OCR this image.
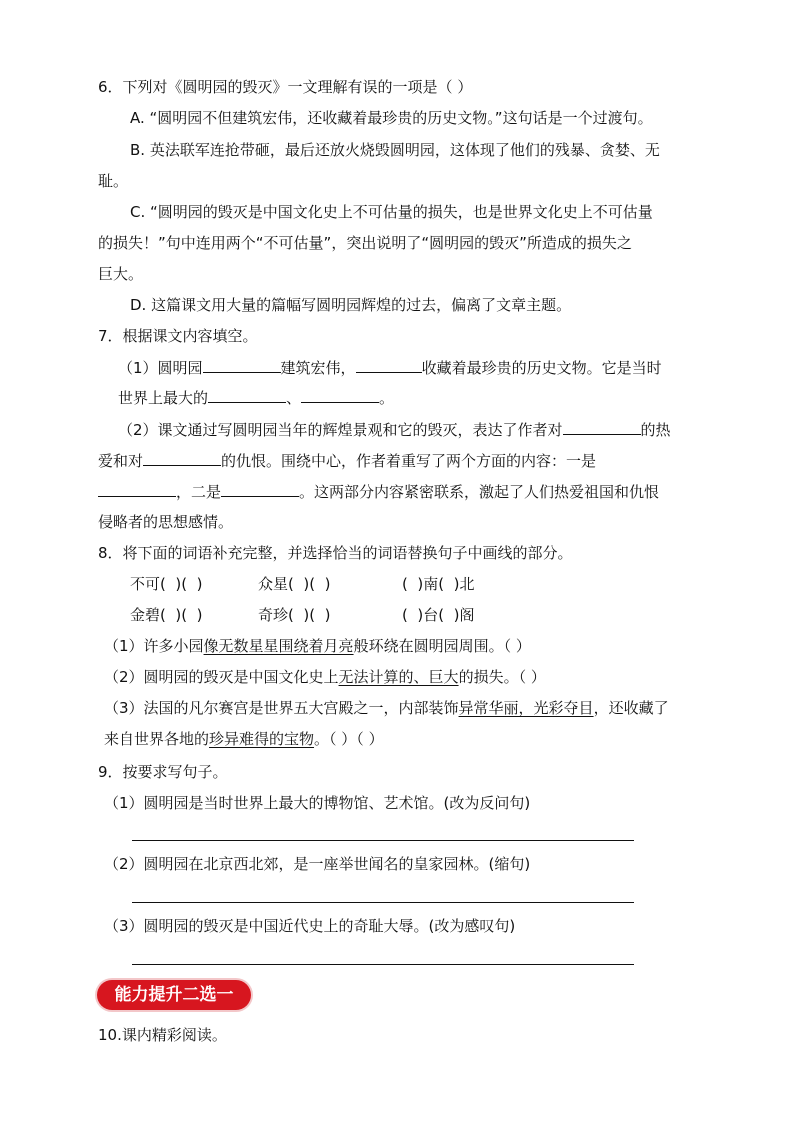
6．下列对《圆明园的毁灭》一文理解有误的一项是（ ）
A. “圆明园不但建筑宏伟，还收藏着最珍贵的历史文物。”这句话是一个过渡句。
B. 英法联军连抢带砸，最后还放火烧毁圆明园，这体现了他们的残暴、贪婪、无
耻。
C. “圆明园的毁灭是中国文化史上不可估量的损失，也是世界文化史上不可估量
的损失！”句中连用两个“不可估量”，突出说明了“圆明园的毁灭”所造成的损失之
巨大。
D. 这篇课文用大量的篇幅写圆明园辉煌的过去，偏离了文章主题。
7．根据课文内容填空。
（1）圆明园	建筑宏伟，	收藏着最珍贵的历史文物。它是当时
世界上最大的	、	。
（2）课文通过写圆明园当年的辉煌景观和它的毁灭，表达了作者对	的热
爱和对	的仇恨。围绕中心，作者着重写了两个方面的内容：一是
，二是	。这两部分内容紧密联系，激起了人们热爱祖国和仇恨
侵略者的思想感情。
8．将下面的词语补充完整，并选择恰当的词语替换句子中画线的部分。
不可(  )(  )	众星(  )(  )	(  )南(  )北
金碧(  )(  )	奇珍(  )(  )	(  )台(  )阁
（1）许多小园像无数星星围绕着月亮般环绕在圆明园周围。（ ）
（2）圆明园的毁灭是中国文化史上无法计算的、巨大的损失。（ ）
（3）法国的凡尔赛宫是世界五大宫殿之一，内部装饰异常华丽，光彩夺目，还收藏了
来自世界各地的珍异难得的宝物。（ ）（ ）
9．按要求写句子。
（1）圆明园是当时世界上最大的博物馆、艺术馆。(改为反问句)
（2）圆明园在北京西北郊，是一座举世闻名的皇家园林。(缩句)
（3）圆明园的毁灭是中国近代史上的奇耻大辱。(改为感叹句)
能力提升二选一
10.课内精彩阅读。
